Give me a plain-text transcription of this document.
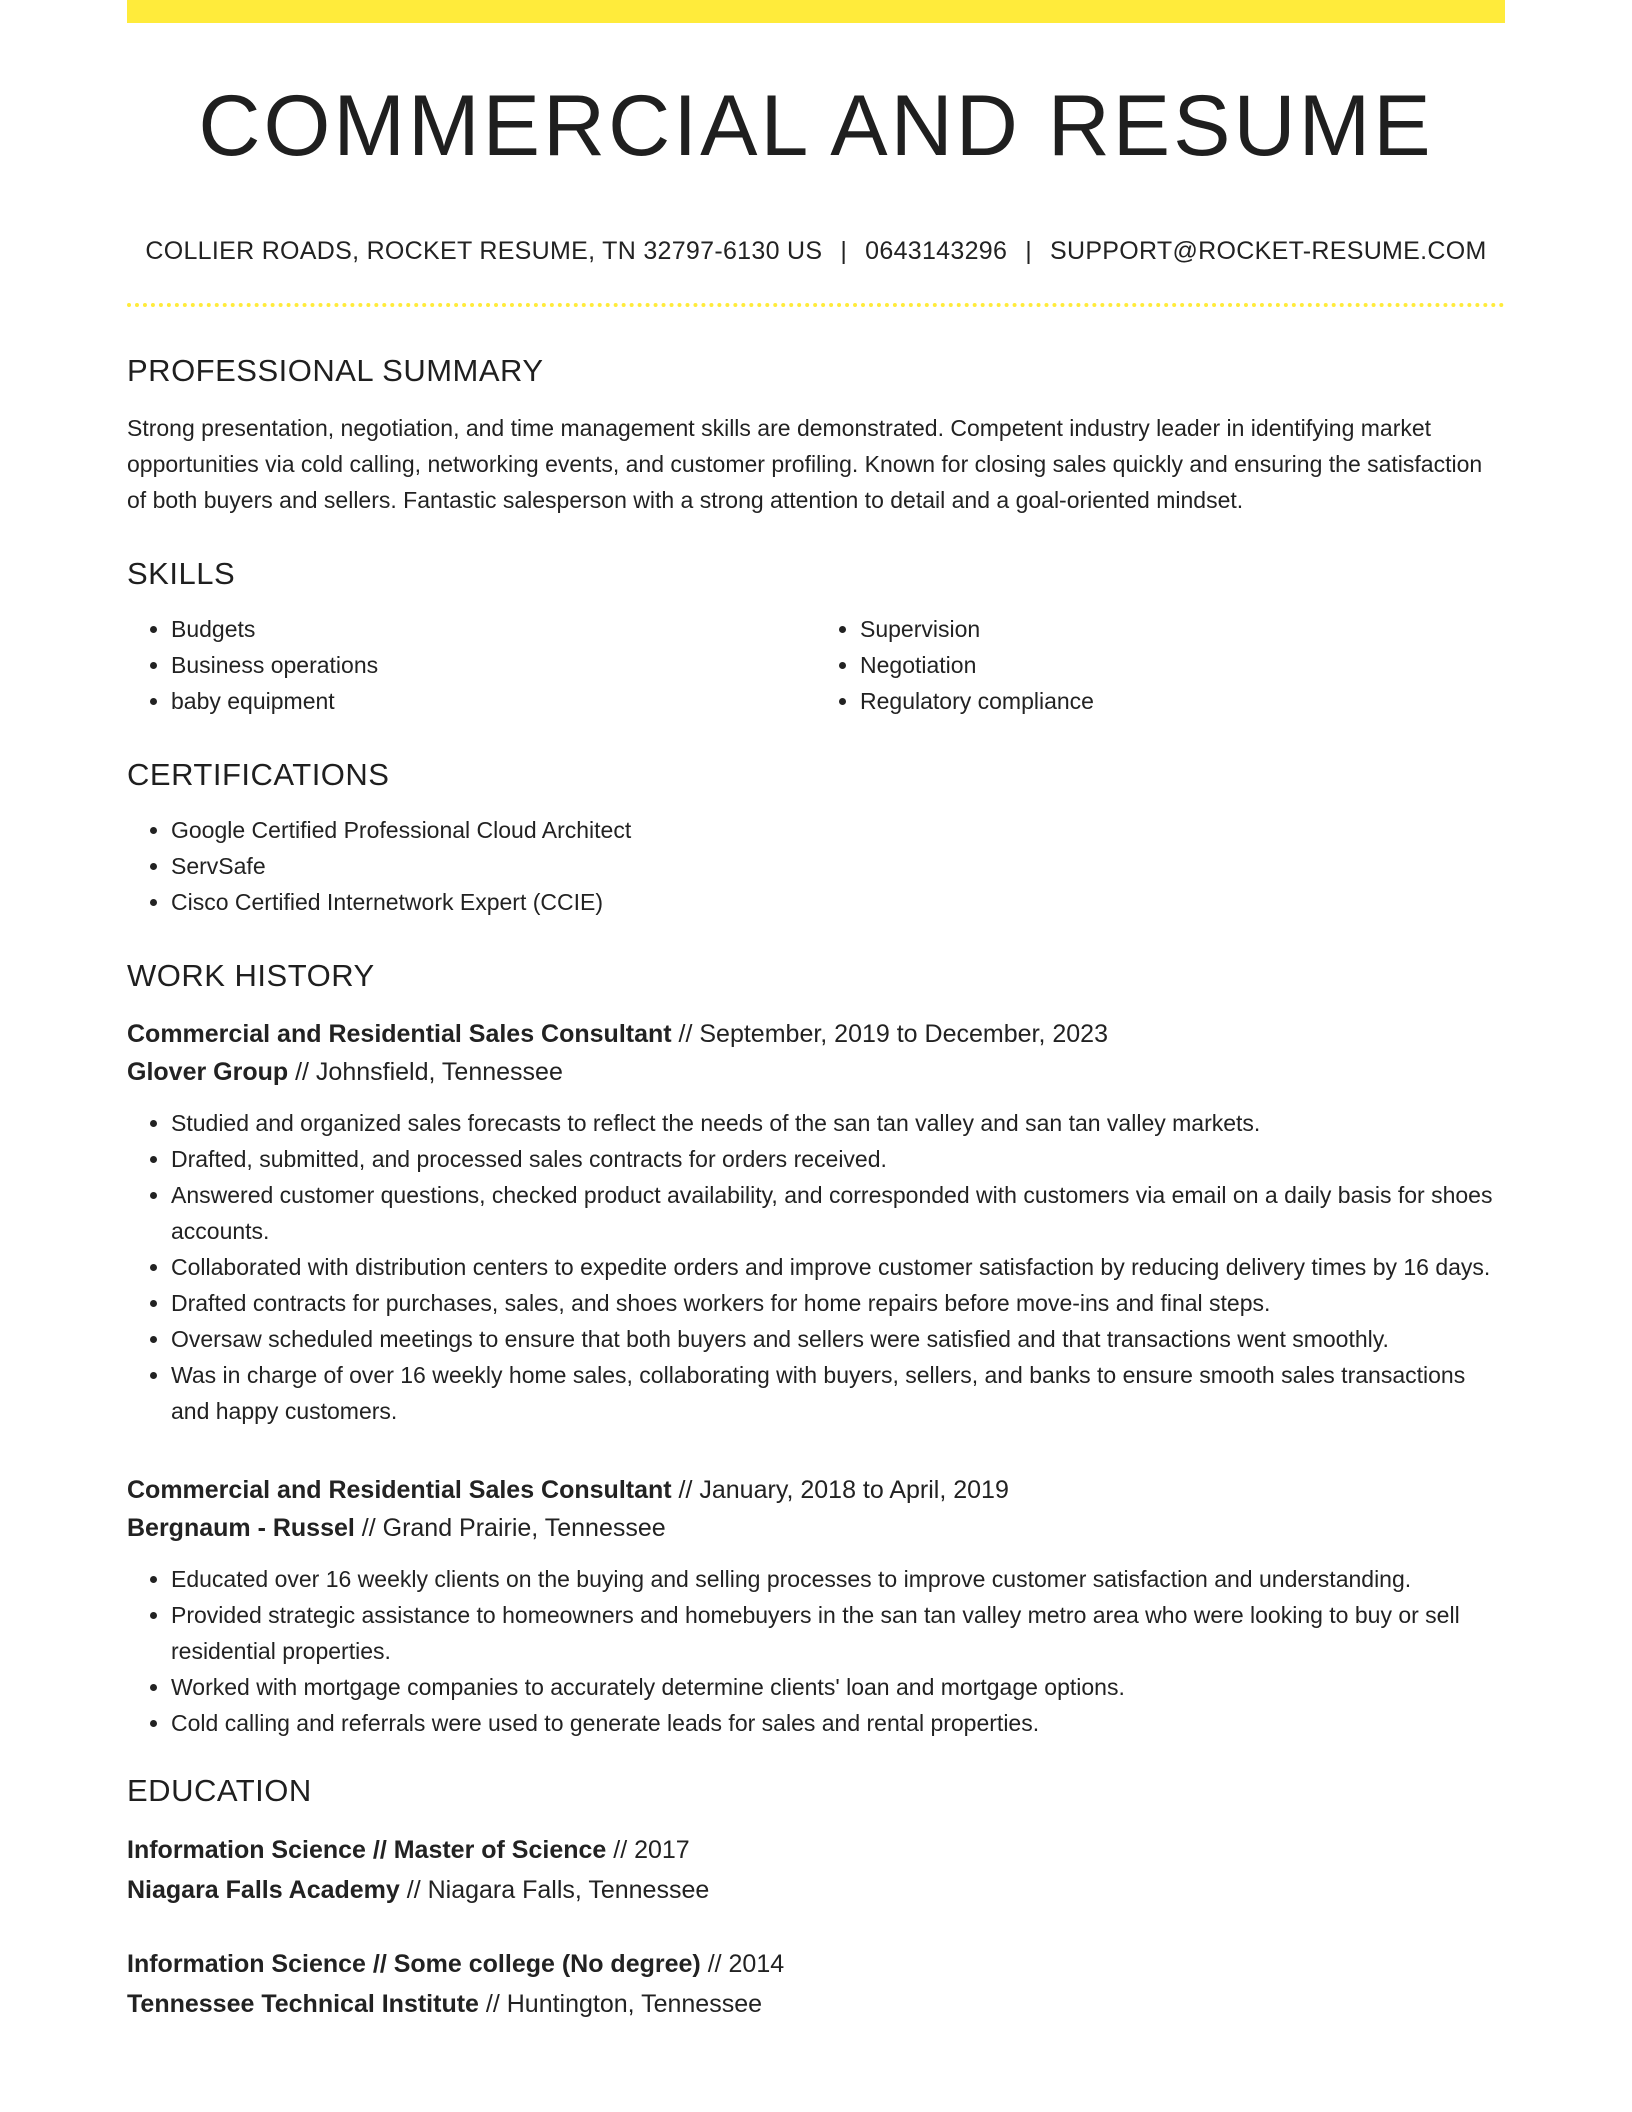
COMMERCIAL AND RESUME
COLLIER ROADS, ROCKET RESUME, TN 32797-6130 US | 0643143296 | SUPPORT@ROCKET-RESUME.COM
PROFESSIONAL SUMMARY

Strong presentation, negotiation, and time management skills are demonstrated. Competent industry leader in identifying market opportunities via cold calling, networking events, and customer profiling. Known for closing sales quickly and ensuring the satisfaction of both buyers and sellers. Fantastic salesperson with a strong attention to detail and a goal-oriented mindset.

SKILLS
• Budgets
• Business operations
• baby equipment
• Supervision
• Negotiation
• Regulatory compliance
CERTIFICATIONS
• Google Certified Professional Cloud Architect
• ServSafe
• Cisco Certified Internetwork Expert (CCIE)
WORK HISTORY
Commercial and Residential Sales Consultant // September, 2019 to December, 2023
Glover Group // Johnsfield, Tennessee
• Studied and organized sales forecasts to reflect the needs of the san tan valley and san tan valley markets.
• Drafted, submitted, and processed sales contracts for orders received.
• Answered customer questions, checked product availability, and corresponded with customers via email on a daily basis for shoes accounts.
• Collaborated with distribution centers to expedite orders and improve customer satisfaction by reducing delivery times by 16 days.
• Drafted contracts for purchases, sales, and shoes workers for home repairs before move-ins and final steps.
• Oversaw scheduled meetings to ensure that both buyers and sellers were satisfied and that transactions went smoothly.
• Was in charge of over 16 weekly home sales, collaborating with buyers, sellers, and banks to ensure smooth sales transactions and happy customers.
Commercial and Residential Sales Consultant // January, 2018 to April, 2019
Bergnaum - Russel // Grand Prairie, Tennessee
• Educated over 16 weekly clients on the buying and selling processes to improve customer satisfaction and understanding.
• Provided strategic assistance to homeowners and homebuyers in the san tan valley metro area who were looking to buy or sell residential properties.
• Worked with mortgage companies to accurately determine clients' loan and mortgage options.
• Cold calling and referrals were used to generate leads for sales and rental properties.
EDUCATION
Information Science // Master of Science // 2017
Niagara Falls Academy // Niagara Falls, Tennessee
Information Science // Some college (No degree) // 2014
Tennessee Technical Institute // Huntington, Tennessee
